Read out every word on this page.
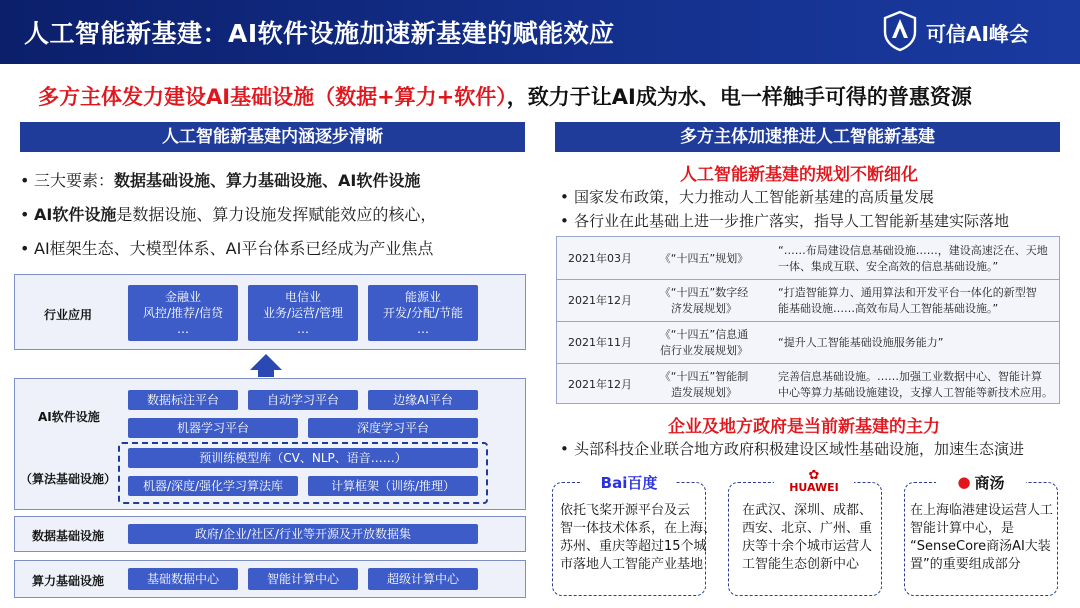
人工智能新基建：AI软件设施加速新基建的赋能效应	可信AI峰会
多方主体发力建设AI基础设施（数据+算力+软件），致力于让AI成为水、电一样触手可得的普惠资源
人工智能新基建内涵逐步清晰
• 三大要素：数据基础设施、算力基础设施、AI软件设施
• AI软件设施是数据设施、算力设施发挥赋能效应的核心，
• AI框架生态、大模型体系、AI平台体系已经成为产业焦点
行业应用
金融业
风控/推荐/信贷
…
电信业
业务/运营/管理
…
能源业
开发/分配/节能
…
AI软件设施
（算法基础设施）
数据标注平台	自动学习平台	边缘AI平台
机器学习平台	深度学习平台
预训练模型库（CV、NLP、语音……）
机器/深度/强化学习算法库	计算框架（训练/推理）
数据基础设施	政府/企业/社区/行业等开源及开放数据集
算力基础设施	基础数据中心	智能计算中心	超级计算中心
多方主体加速推进人工智能新基建
人工智能新基建的规划不断细化
• 国家发布政策，大力推动人工智能新基建的高质量发展
• 各行业在此基础上进一步推广落实，指导人工智能新基建实际落地
2021年03月	《“十四五”规划》

“……布局建设信息基础设施……，建设高速泛在、天地
一体、集成互联、安全高效的信息基础设施。”
2021年12月
《“十四五”数字经
济发展规划》
“打造智能算力、通用算法和开发平台一体化的新型智
能基础设施……高效布局人工智能基础设施。”
2021年11月
《“十四五”信息通
信行业发展规划》
“提升人工智能基础设施服务能力”

2021年12月
《“十四五”智能制
造发展规划》
完善信息基础设施。……加强工业数据中心、智能计算
中心等算力基础设施建设，支撑人工智能等新技术应用。
企业及地方政府是当前新基建的主力
• 头部科技企业联合地方政府积极建设区域性基础设施，加速生态演进
Bai百度
依托飞桨开源平台及云
智一体技术体系，在上海、
苏州、重庆等超过15个城
市落地人工智能产业基地
✿
HUAWEI
在武汉、深圳、成都、
西安、北京、广州、重
庆等十余个城市运营人
工智能生态创新中心
● 商汤
在上海临港建设运营人工
智能计算中心，是
“SenseCore商汤AI大装
置”的重要组成部分
